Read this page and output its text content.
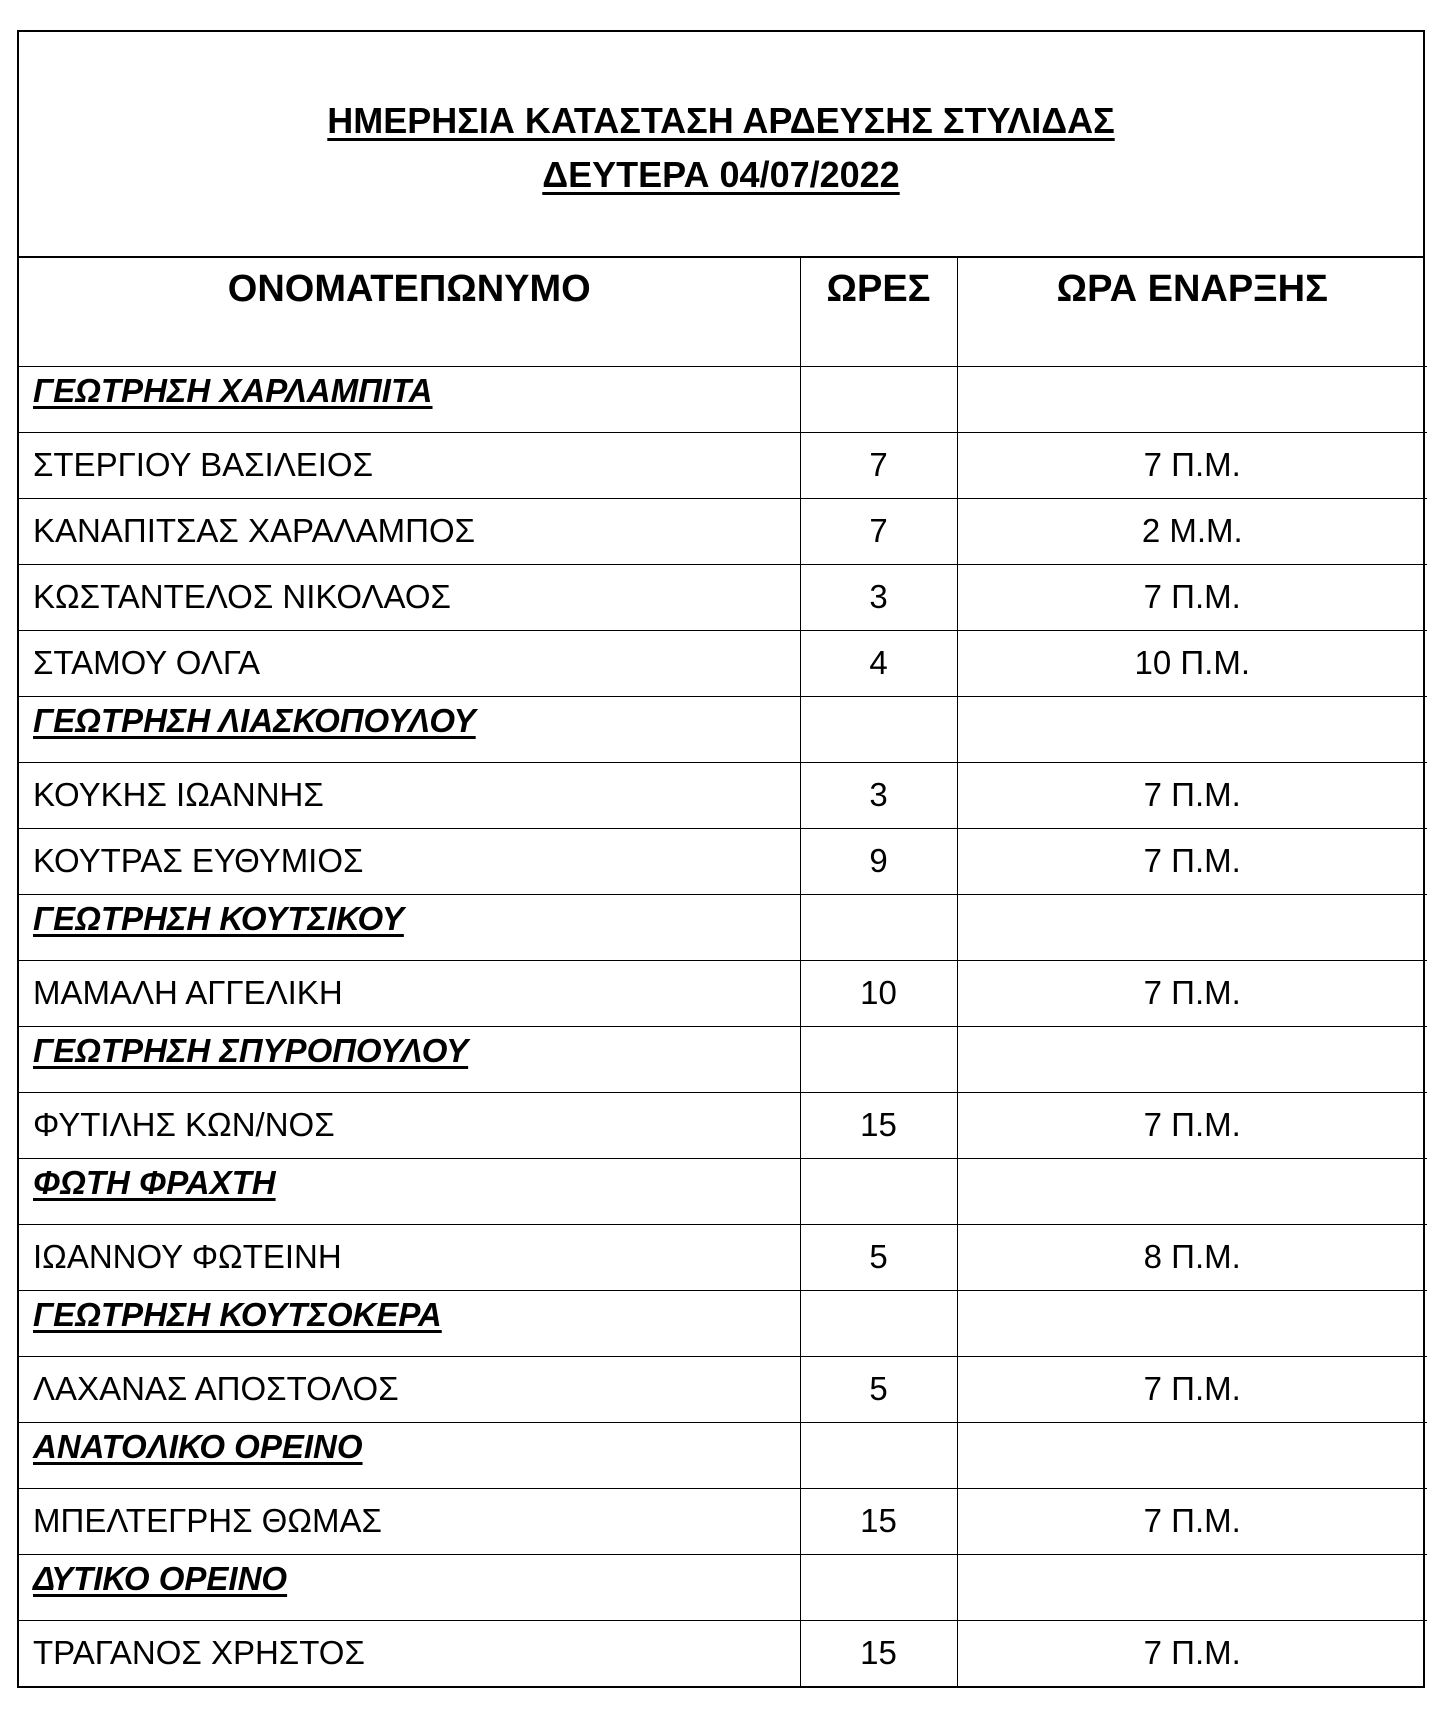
ΗΜΕΡΗΣΙΑ ΚΑΤΑΣΤΑΣΗ ΑΡΔΕΥΣΗΣ ΣΤΥΛΙΔΑΣ
ΔΕΥΤΕΡΑ 04/07/2022
ΟΝΟΜΑΤΕΠΩΝΥΜΟ	ΩΡΕΣ	ΩΡΑ ΕΝΑΡΞΗΣ
ΓΕΩΤΡΗΣΗ ΧΑΡΛΑΜΠΙΤΑ		
ΣΤΕΡΓΙΟΥ ΒΑΣΙΛΕΙΟΣ	7	7 Π.Μ.
ΚΑΝΑΠΙΤΣΑΣ ΧΑΡΑΛΑΜΠΟΣ	7	2 Μ.Μ.
ΚΩΣΤΑΝΤΕΛΟΣ ΝΙΚΟΛΑΟΣ	3	7 Π.Μ.
ΣΤΑΜΟΥ ΟΛΓΑ	4	10 Π.Μ.
ΓΕΩΤΡΗΣΗ ΛΙΑΣΚΟΠΟΥΛΟΥ		
ΚΟΥΚΗΣ ΙΩΑΝΝΗΣ	3	7 Π.Μ.
ΚΟΥΤΡΑΣ ΕΥΘΥΜΙΟΣ	9	7 Π.Μ.
ΓΕΩΤΡΗΣΗ ΚΟΥΤΣΙΚΟΥ		
ΜΑΜΑΛΗ ΑΓΓΕΛΙΚΗ	10	7 Π.Μ.
ΓΕΩΤΡΗΣΗ ΣΠΥΡΟΠΟΥΛΟΥ		
ΦΥΤΙΛΗΣ ΚΩΝ/ΝΟΣ	15	7 Π.Μ.
ΦΩΤΗ ΦΡΑΧΤΗ		
ΙΩΑΝΝΟΥ ΦΩΤΕΙΝΗ	5	8 Π.Μ.
ΓΕΩΤΡΗΣΗ ΚΟΥΤΣΟΚΕΡΑ		
ΛΑΧΑΝΑΣ ΑΠΟΣΤΟΛΟΣ	5	7 Π.Μ.
ΑΝΑΤΟΛΙΚΟ ΟΡΕΙΝΟ		
ΜΠΕΛΤΕΓΡΗΣ ΘΩΜΑΣ	15	7 Π.Μ.
ΔΥΤΙΚΟ ΟΡΕΙΝΟ		
ΤΡΑΓΑΝΟΣ ΧΡΗΣΤΟΣ	15	7 Π.Μ.
